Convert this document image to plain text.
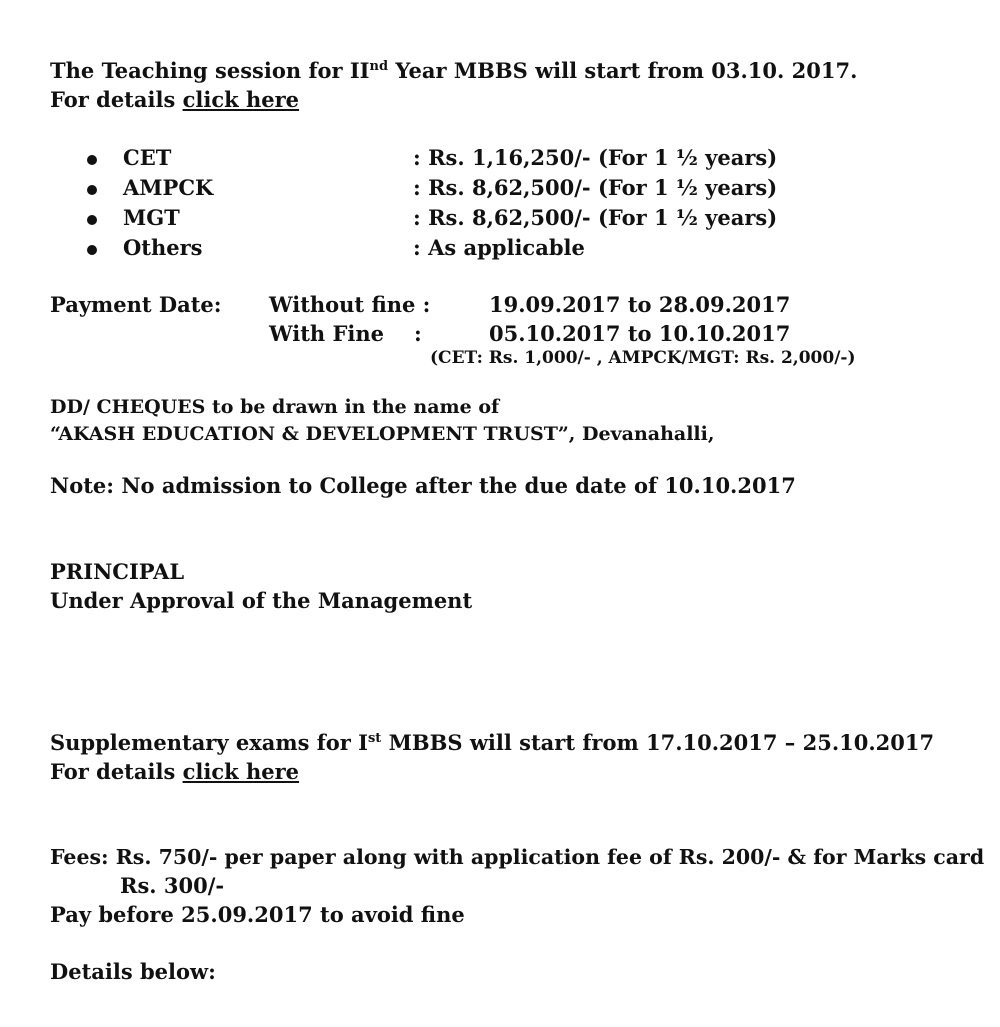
The Teaching session for IInd Year MBBS will start from 03.10. 2017.
For details click here
CET	: Rs. 1,16,250/- (For 1 ½ years)
AMPCK	: Rs. 8,62,500/- (For 1 ½ years)
MGT	: Rs. 8,62,500/- (For 1 ½ years)
Others	: As applicable
Payment Date: Without fine :	19.09.2017 to 28.09.2017
With Fine :	05.10.2017 to 10.10.2017
(CET: Rs. 1,000/- , AMPCK/MGT: Rs. 2,000/-)
DD/ CHEQUES to be drawn in the name of
“AKASH EDUCATION & DEVELOPMENT TRUST”, Devanahalli,
Note: No admission to College after the due date of 10.10.2017
PRINCIPAL
Under Approval of the Management
Supplementary exams for Ist MBBS will start from 17.10.2017 – 25.10.2017
For details click here
Fees: Rs. 750/- per paper along with application fee of Rs. 200/- & for Marks card
Rs. 300/-
Pay before 25.09.2017 to avoid fine
Details below:
